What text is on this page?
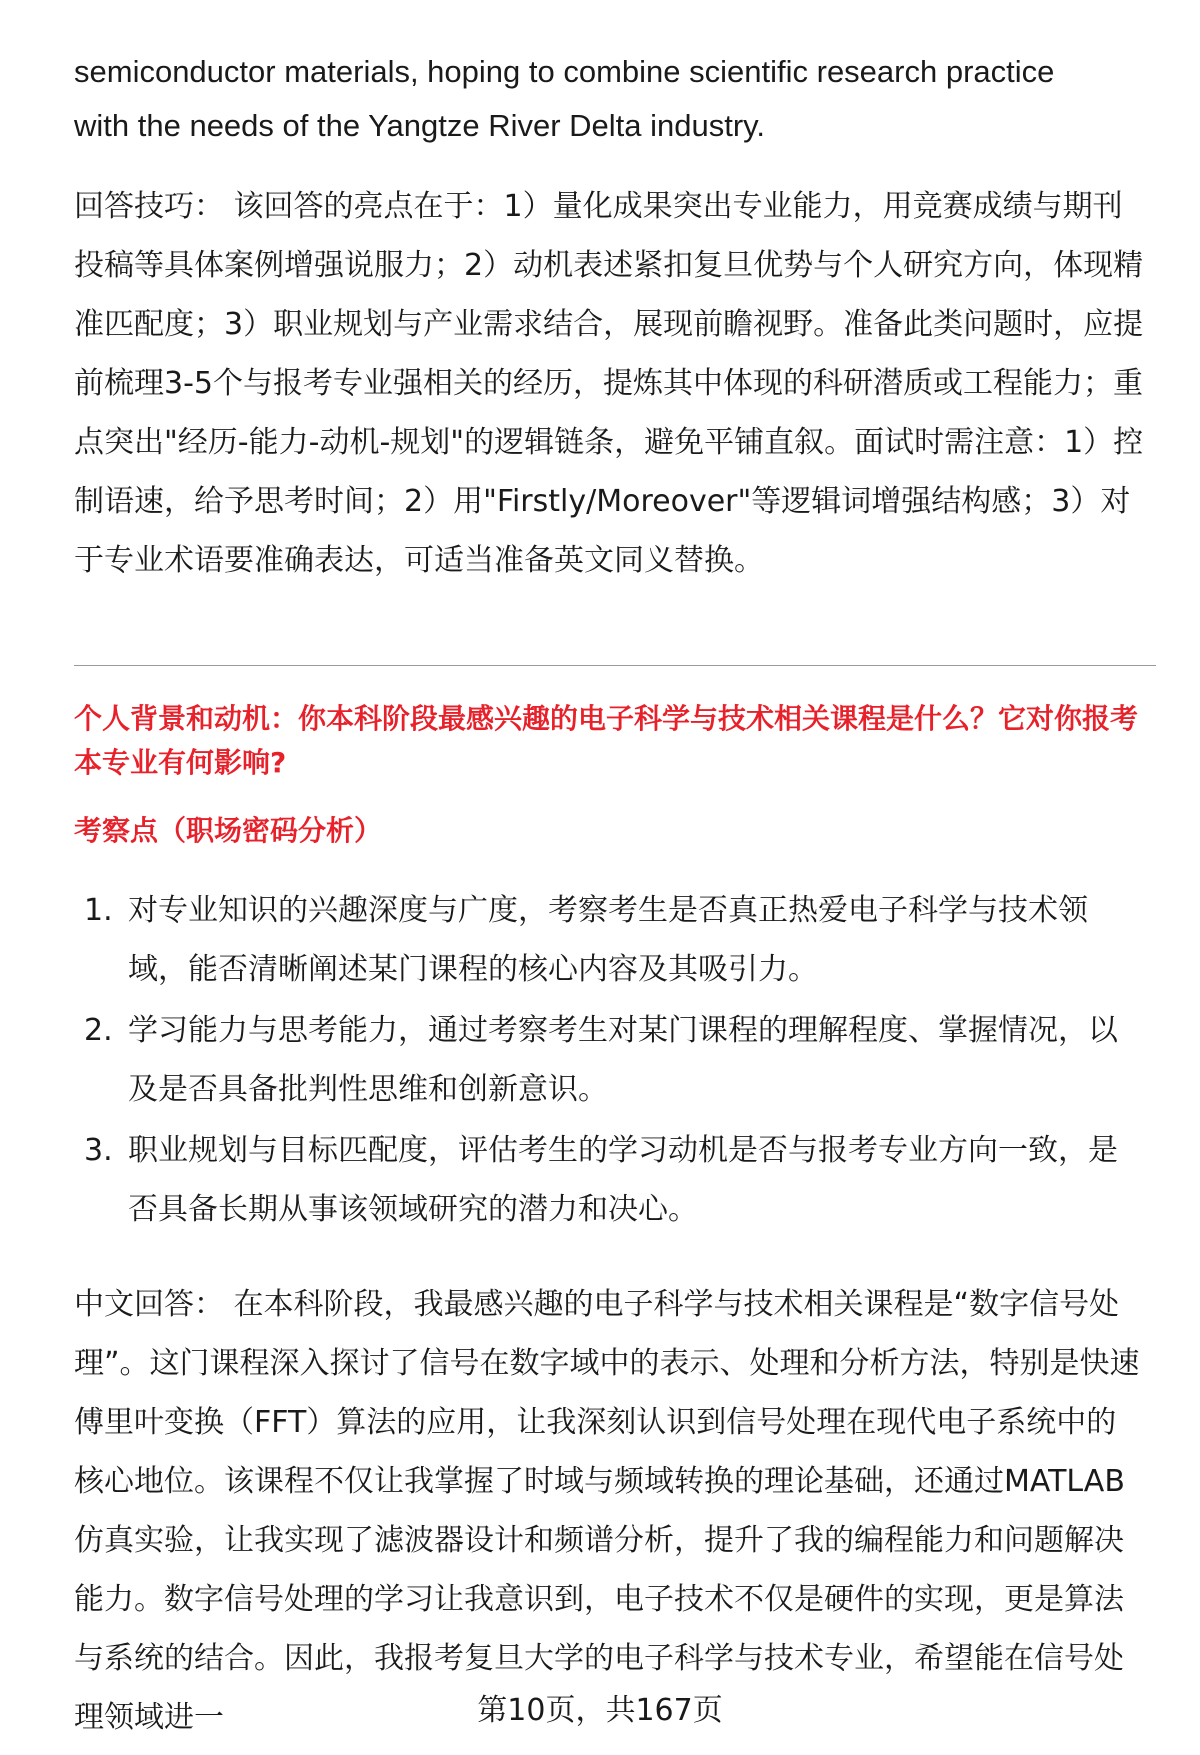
semiconductor materials, hoping to combine scientific research practice

with the needs of the Yangtze River Delta industry.

回答技巧： 该回答的亮点在于：1）量化成果突出专业能力，用竞赛成绩与期刊投稿等具体案例增强说服力；2）动机表述紧扣复旦优势与个人研究方向，体现精准匹配度；3）职业规划与产业需求结合，展现前瞻视野。准备此类问题时，应提前梳理3-5个与报考专业强相关的经历，提炼其中体现的科研潜质或工程能力；重点突出"经历-能力-动机-规划"的逻辑链条，避免平铺直叙。面试时需注意：1）控制语速，给予思考时间；2）用"Firstly/Moreover"等逻辑词增强结构感；3）对于专业术语要准确表达，可适当准备英文同义替换。

个人背景和动机：你本科阶段最感兴趣的电子科学与技术相关课程是什么？它对你报考本专业有何影响?

考察点（职场密码分析）

1. 对专业知识的兴趣深度与广度，考察考生是否真正热爱电子科学与技术领域，能否清晰阐述某门课程的核心内容及其吸引力。
2. 学习能力与思考能力，通过考察考生对某门课程的理解程度、掌握情况，以及是否具备批判性思维和创新意识。
3. 职业规划与目标匹配度，评估考生的学习动机是否与报考专业方向一致，是否具备长期从事该领域研究的潜力和决心。

中文回答： 在本科阶段，我最感兴趣的电子科学与技术相关课程是“数字信号处理”。这门课程深入探讨了信号在数字域中的表示、处理和分析方法，特别是快速傅里叶变换（FFT）算法的应用，让我深刻认识到信号处理在现代电子系统中的核心地位。该课程不仅让我掌握了时域与频域转换的理论基础，还通过MATLAB仿真实验，让我实现了滤波器设计和频谱分析，提升了我的编程能力和问题解决能力。数字信号处理的学习让我意识到，电子技术不仅是硬件的实现，更是算法与系统的结合。因此，我报考复旦大学的电子科学与技术专业，希望能在信号处理领域进一	第10页，共167页
